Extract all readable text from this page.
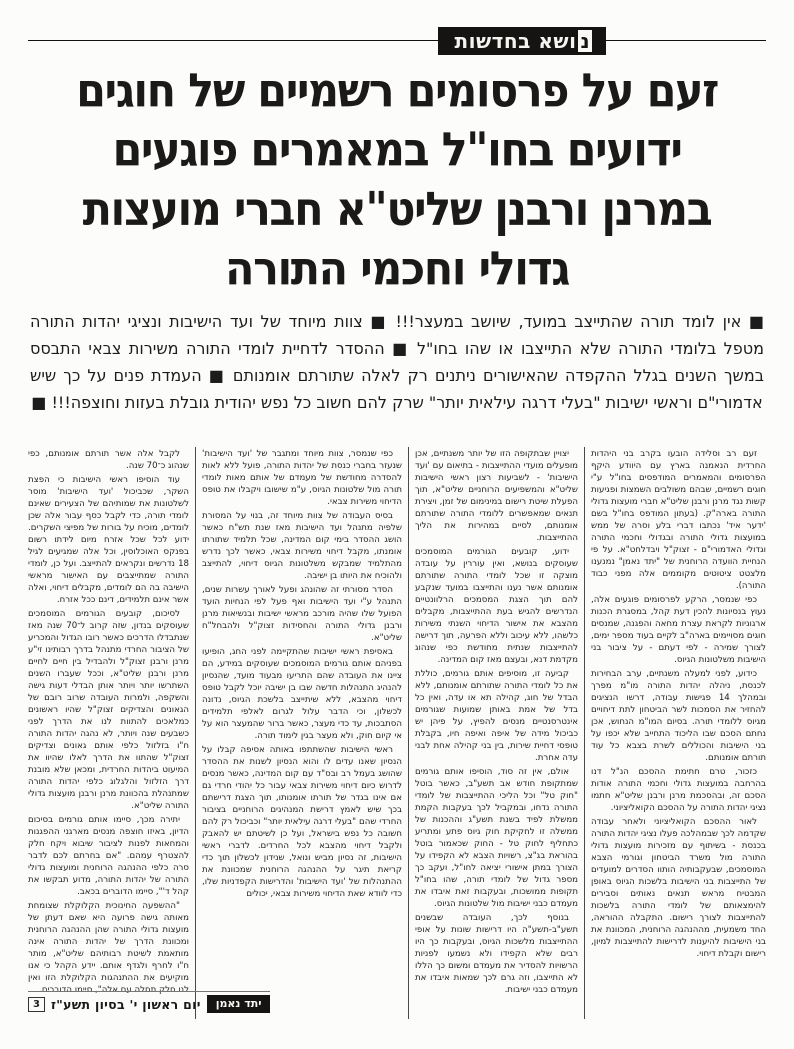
נ
ושא בחדשות
זעם על פרסומים רשמיים של חוגים
ידועים בחו"ל במאמרים פוגעים
במרנן ורבנן שליט"א חברי מועצות
גדולי וחכמי התורה
■ אין לומד תורה שהתייצב במועד, שיושב במעצר!!! ■ צוות מיוחד של ועד הישיבות ונציגי יהדות התורה מטפל בלומדי התורה שלא התייצבו או שהו בחו"ל ■ ההסדר לדחיית לומדי התורה משירות צבאי התבסס במשך השנים בגלל ההקפדה שהאישורים ניתנים רק לאלה שתורתם אומנותם ■ העמדת פנים על כך שיש אדמורי"ם וראשי ישיבות "בעלי דרגה עילאית יותר" שרק להם חשוב כל נפש יהודית גובלת בעזות וחוצפה!!! ■

זעם רב וסלידה הובעו בקרב בני היהדות החרדית הנאמנה בארץ עם היוודע היקף הפרסומים והמאמרים המודפסים בחו"ל ע"י חוגים רשמיים, שבהם משולבים השמצות ופגיעות קשות נגד מרנן ורבנן שליט"א חברי מועצות גדולי התורה בארה"ק. (בעתון המודפס בחו"ל בשם 'ידער איד' נכתבו דברי בלע וסרה של ממש במועצות גדולי התורה ובגדולי וחכמי התורה וגדולי האדמורי"ם - זצוק"ל ויבדלחט"א. על פי הנחיית הוועדה הרוחנית של "יתד נאמן" נמנענו מלצטט ציטוטים מקוממים אלה מפני כבוד התורה).

כפי שנמסר, הרקע לפרסומים פוגעים אלה, נעוץ בנסיונות להכין דעת קהל, במסגרת הכנות ארגוניות לקראת עצרת מחאה והפגנה, שמנסים חוגים מסויימים בארה"ב לקיים בעוד מספר ימים, לצורך שמירה - לפי דעתם - על ציבור בני הישיבות משלטונות הגיוס.

כידוע, לפני למעלה משנתיים, ערב הבחירות לכנסת, ניהלה יהדות התורה מו"מ מפרך ובמהלך 14 פגישות עבודה, דרשו הנציגים להחזיר את הסמכות לשר הביטחון לתת דיחויים מגיוס ללומדי תורה. בסיום המו"מ הנחוש, אכן נחתם הסכם שבו הליכוד התחייב שלא יכפו על בני הישיבות והכוללים לשרת בצבא כל עוד תורתם אומנותם.

כזכור, טרם חתימת ההסכם הנ"ל דנו בהרחבה במועצות גדולי וחכמי התורה אודות הסכם זה, ובהסכמת מרנן ורבנן שליט"א חתמו נציגי יהדות התורה על ההסכם הקואליציוני.

לאור ההסכם הקואליציוני ולאחר עבודה שקדמה לכך שבמהלכה פעלו נציגי יהדות התורה בכנסת - בשיתוף עם מזכירות מועצות גדולי התורה מול משרד הביטחון וגורמי הצבא המוסמכים, שבעקבותיה הותוו הסדרים למועדים של התייצבות בני הישיבות בלשכות הגיוס באופן המבטיח מראש תנאים נאותים וסבירים להימצאותם של לומדי התורה בלשכות להתייצבות לצורך רישום. התקבלה ההוראה, החד משמעית, מההנהגה הרוחנית, המכוונת את בני הישיבות להיענות לדרישות להתייצבות למיון, רישום וקבלת דיחוי.

יצויין שבתקופה הזו של יותר משנתיים, אכן מופעלים מועדי ההתייצבות - בתיאום עם 'ועד הישיבות' - לשביעות רצון ראשי הישיבות שליט"א והמשפיעים הרוחניים שליט"א, תוך הפעלת שיטת רישום במינימום של זמן, ויצירת תנאים שמאפשרים ללומדי התורה שתורתם אומנותם, לסיים במהירות את הליך ההתייצבות.

ידוע, קובעים הגורמים המוסמכים שעוסקים בנושא, ואין עוררין על עובדה מוצקה זו שכל לומדי התורה שתורתם אומנותם אשר נענו והתייצבו במועד שנקבע להם תוך הצגת המסמכים הרלוונטיים הנדרשים להגיש בעת ההתייצבות, מקבלים מהצבא את אישור הדיחוי השנתי משירות כלשהו, ללא עיכוב וללא הפרעה, תוך דרישה להתייצבות שנתית מחודשת כפי שנהוג מקדמת דנא, ובעצם מאז קום המדינה.

קביעה זו, מוסיפים אותם גורמים, כוללת את כל לומדי התורה שתורתם אומנותם, ללא הבדל של חוג, קהילה תא או עדה, ואין כל בדל של אמת באותן שמועות שגורמים אינטרסנטיים מנסים להפיץ, על פיהן יש כביכול מידה של איפה ואיפה חיו, בקבלת טופסי דחיית שירות, בין בני קהילה אחת לבני עדה אחרת.

אולם, אין זה סוד, הוסיפו אותם גורמים שמתקופת חודש אב תשע"ב, כאשר בוטל "חוק טל" וכל הליכי ההתייצבות של לומדי התורה נדחו, ובמקביל לכך בעקבות הקמת ממשלת לפיד בשנת תשע"ג וההכנות של ממשלה זו לחקיקת חוק גיוס פתע ומתריע כתחליף לחוק טל - החוק שכאמור בוטל בהוראת בג"צ, רשויות הצבא לא הקפידו על הצורך במתן אישורי יציאה לחו"ל, ועקב כך מספר גדול של לומדי תורה, שהו בחו"ל תקופות ממושכות, ובעקבות זאת איבדו את מעמדם כבני ישיבות מול שלטונות הגיוס.

בנוסף לכך, העובדה שבשנים תשע"ב-תשע"ה היו דרישות שונות על אופי ההתייצבות מלשכות הגיוס, ובעקבות כך היו רבים שלא הקפידו ולא נשמעו לפניות הרשויות להסדיר את מעמדם ומשום כך הללו לא התייצבו, וזה גרם לכך שמאות איבדו את מעמדם כבני ישיבות.

כפי שנמסר, צוות מיוחד ומתגבר של 'ועד הישיבות' שנעזר בחברי כנסת של יהדות התורה, פועל ללא לאות להסדרה מחודשת של מעמדם של אותם מאות לומדי תורה מול שלטונות הגיוס, ע"מ שישובו ויקבלו את טופס הדיחוי משירות צבאי.

בסיס העבודה של צוות מיוחד זה, בנוי על המסורת שלפיה מתנהל ועד הישיבות מאז שנת תש"ח כאשר הושג ההסדר בימי קום המדינה, שכל תלמיד שתורתו אומנתו, מקבל דיחוי משירות צבאי, כאשר לכך נדרש מהתלמיד שמבקש משלטונות הגיוס דיחוי, להתייצב ולהוכיח את היותו בן ישיבה.

הסדר מסורתי זה שהונהג ופעל לאורך עשרות שנים, התנהל ע"י ועד הישיבות ואף פעל לפי הנחיות הועד הפועל שלו שהיה מורכב מראשי ישיבות ובנשיאות מרנן ורבנן גדולי התורה והחסידות זצוק"ל ולהבחל"ח שליט"א.

באסיפת ראשי ישיבות שהתקיימה לפני החג, הופיעו בפניהם אותם גורמים המוסמכים שעוסקים במידע, הם ציינו את העובדה שהם התריעו מבעוד מועד, שהנסיון להנהיג התנהלות חדשה שבו בן ישיבה יוכל לקבל טופס דיחוי מהצבא, ללא שיתייצב בלשכת הגיוס, נדונה לכשלון, וכי הדבר עלול לגרום לאלפי תלמידים הסתבכות, עד כדי מעצר, כאשר ברור שהמעצר הוא על אי קיום חוק, ולא מעצר בגין לימוד תורה.

ראשי הישיבות שהשתתפו באותה אסיפה קבלו על הנסיון שאנו עדים לו והוא הנסיון לשנות את ההסדר שהושג בעמל רב ובס"ד עם קום המדינה, כאשר מנסים לדרוש כיום דיחוי משירות צבאי עבור כל יהודי חרדי גם אם אינו בגדר של תורתו אומנותו, תוך הצגת דרישתם בכך שיש לאמץ דרישת המנהיגים הרוחניים בציבור החרדי שהם "בעלי דרגה עילאית יותר" וכביכול רק להם חשובה כל נפש בישראל, ועל כן לשיטתם יש להאבק ולקבל דיחוי מהצבא לכל החרדים. לדברי ראשי הישיבות, זה נסיון מביש ונואל, שנידון לכשלון תוך כדי קריאת תיגר על ההנהגה הרוחנית שמכוונת את ההתנהלות של 'ועד הישיבות' והדרישות הקפדניות שלו, כדי לוודא שאת הדיחוי משירות צבאי, יכולים

לקבל אלה אשר תורתם אומנותם, כפי שנהוג כ־70 שנה.

עוד הוסיפו ראשי הישיבות כי הפצת השקר, שכביכול 'ועד הישיבות' מוסר לשלטונות את שמותיהם של הצעירים שאינם לומדי תורה, כדי לקבל כסף עבור אלה שכן לומדים, מוכיח על בורות של מפיצי השקרים. ידוע לכל שכל אזרח מיום לידתו רשום בפנקס האוכלוסין, וכל אלה שמגיעים לגיל 18 נדרשים ונקראים להתייצב. ועל כן, לומדי התורה שמתייצבים עם האישור מראשי הישיבה בה הם לומדים, מקבלים דיחוי, ואלה אשר אינם תלמידים, דינם ככל אזרח.

לסיכום, קובעים הגורמים המוסמכים שעוסקים בנדון, שזה קרוב ל־70 שנה מאז שנתבדלו הדרכים כאשר רובו הגדול והמכריע של הציבור החרדי מתנהל בדרך רבותינו זי"ע מרנן ורבנן זצוק"ל ולהבדיל בין חיים לחיים מרנן ורבנן שליט"א, וככל שעברו השנים השתרשו יותר ויותר אותן הבדלי דעות גישה והשקפה, ולמרות העובדה שרוב רובם של הגאונים והצדיקים זצוק"ל שהיו ראשונים כמלאכים להתוות לנו את הדרך לפני כשבעים שנה ויותר, לא נהגה יהדות התורה ח"ו בזלזול כלפי אותם גאונים וצדיקים זצוק"ל שהתוו את הדרך לאלו שהיוו את המיעוט ביהדות החרדית, ומכאן שלא מובנת דרך הזלזול והלגלוג כלפי יהדות התורה שמתנהלת בהכוונת מרנן ורבנן מועצות גדולי התורה שליט"א.

יתירה מכך, סיימו אותם גורמים בסיכום הדיון, באיזו חוצפה מנסים מארגני ההפגנות והמחאות לפנות לציבור שיבוא ויקח חלק להצטרף עמהם. "אם בחרתם לכם לדבר סרה כלפי ההנהגה הרוחנית ומועצות גדולי התורה של יהדות התורה, מדוע תבקשו את קהל ד'", סיימו הדוברים בכאב.

"ההשפעה החינוכית הקלוקלת שצומחת מאותה גישה פרועה היא שאם דעתן של מועצות גדולי התורה שהן ההנהגה הרוחנית ומכוונת הדרך של יהדות התורה אינה מותאמת לשיטת רבותיהם שליט"א, מותר ח"ו לחרף ולגדף אותם. יידע הקהל כי אנו מוקיעים את ההתנהגות הקלוקלת הזו ואין לנו חלק תחלה עם אלה", סיימו הדוברים.

יתד נאמן
יום ראשון י' בסיון תשע"ז
3
